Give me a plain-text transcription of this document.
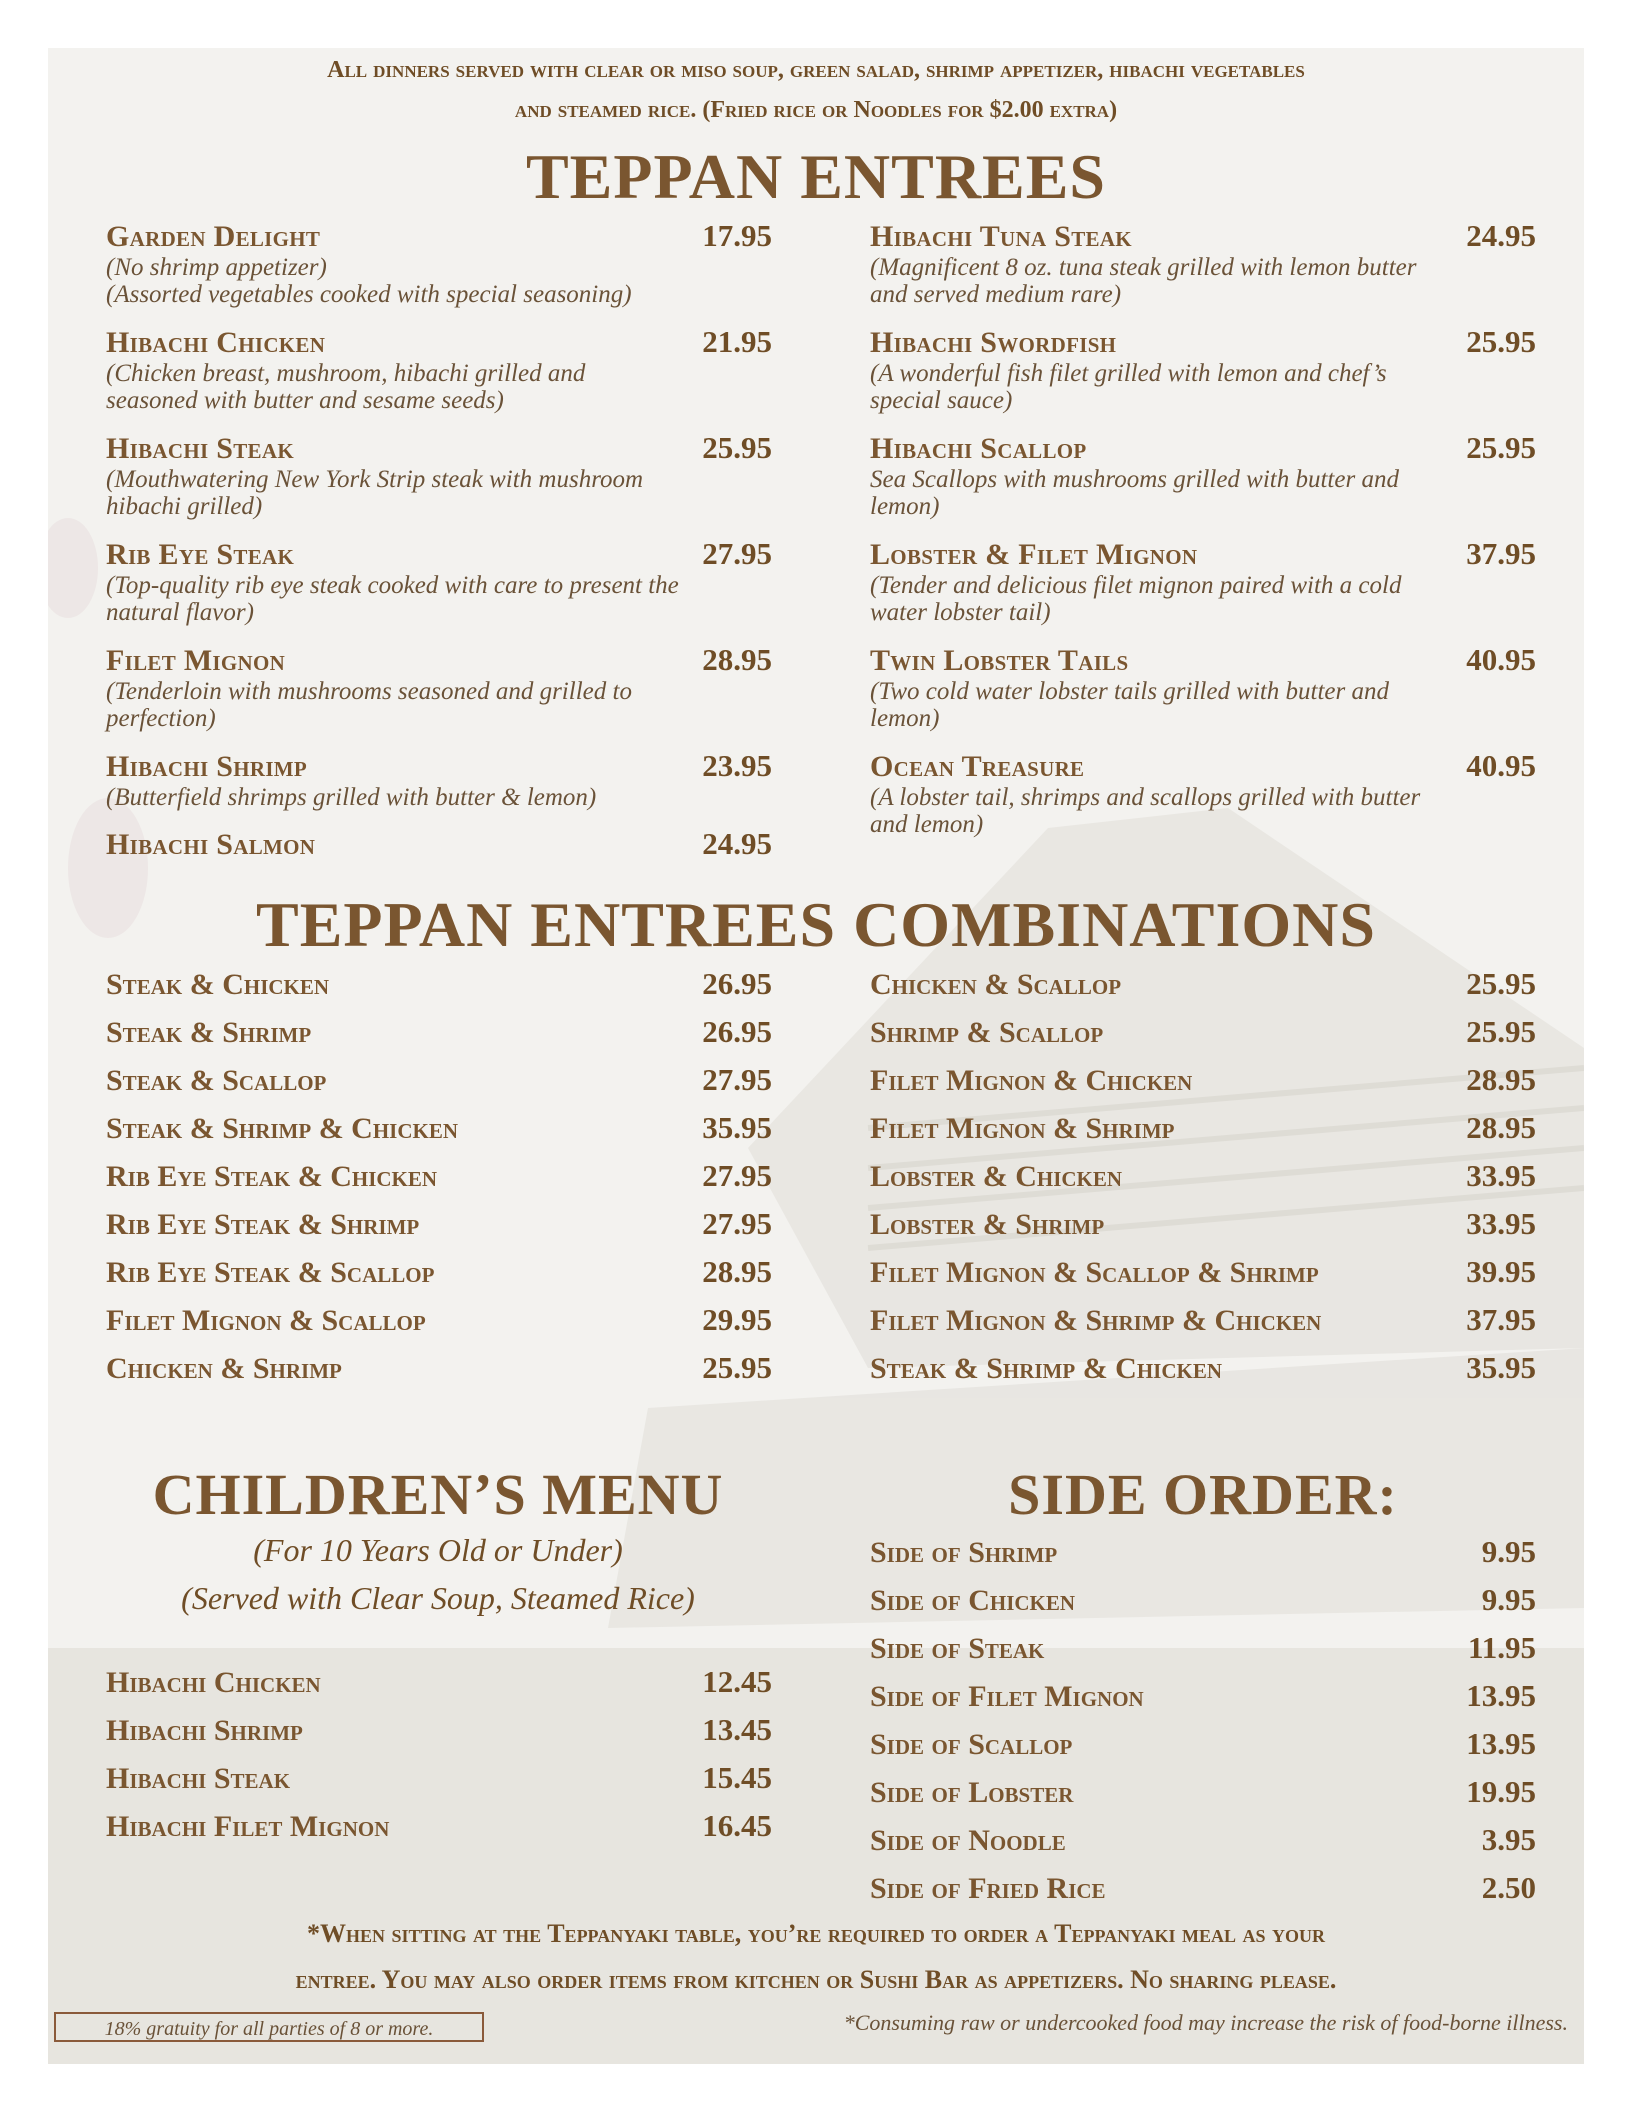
All dinners served with clear or miso soup, green salad, shrimp appetizer, hibachi vegetables
and steamed rice. (Fried rice or Noodles for $2.00 extra)
TEPPAN ENTREES
Garden Delight	17.95
(No shrimp appetizer)
(Assorted vegetables cooked with special seasoning)
Hibachi Chicken	21.95
(Chicken breast, mushroom, hibachi grilled and
seasoned with butter and sesame seeds)
Hibachi Steak	25.95
(Mouthwatering New York Strip steak with mushroom
hibachi grilled)
Rib Eye Steak	27.95
(Top-quality rib eye steak cooked with care to present the
natural flavor)
Filet Mignon	28.95
(Tenderloin with mushrooms seasoned and grilled to
perfection)
Hibachi Shrimp	23.95
(Butterfield shrimps grilled with butter & lemon)
Hibachi Salmon	24.95
Hibachi Tuna Steak	24.95
(Magnificent 8 oz. tuna steak grilled with lemon butter
and served medium rare)
Hibachi Swordfish	25.95
(A wonderful fish filet grilled with lemon and chef’s
special sauce)
Hibachi Scallop	25.95
Sea Scallops with mushrooms grilled with butter and
lemon)
Lobster & Filet Mignon	37.95
(Tender and delicious filet mignon paired with a cold
water lobster tail)
Twin Lobster Tails	40.95
(Two cold water lobster tails grilled with butter and
lemon)
Ocean Treasure	40.95
(A lobster tail, shrimps and scallops grilled with butter
and lemon)
TEPPAN ENTREES COMBINATIONS
Steak & Chicken	26.95
Steak & Shrimp	26.95
Steak & Scallop	27.95
Steak & Shrimp & Chicken	35.95
Rib Eye Steak & Chicken	27.95
Rib Eye Steak & Shrimp	27.95
Rib Eye Steak & Scallop	28.95
Filet Mignon & Scallop	29.95
Chicken & Shrimp	25.95
Chicken & Scallop	25.95
Shrimp & Scallop	25.95
Filet Mignon & Chicken	28.95
Filet Mignon & Shrimp	28.95
Lobster & Chicken	33.95
Lobster & Shrimp	33.95
Filet Mignon & Scallop & Shrimp	39.95
Filet Mignon & Shrimp & Chicken	37.95
Steak & Shrimp & Chicken	35.95
CHILDREN’S MENU
(For 10 Years Old or Under)
(Served with Clear Soup, Steamed Rice)
Hibachi Chicken	12.45
Hibachi Shrimp	13.45
Hibachi Steak	15.45
Hibachi Filet Mignon	16.45
SIDE ORDER:
Side of Shrimp	9.95
Side of Chicken	9.95
Side of Steak	11.95
Side of Filet Mignon	13.95
Side of Scallop	13.95
Side of Lobster	19.95
Side of Noodle	3.95
Side of Fried Rice	2.50
*When sitting at the Teppanyaki table, you’re required to order a Teppanyaki meal as your
entree. You may also order items from kitchen or Sushi Bar as appetizers. No sharing please.
18% gratuity for all parties of 8 or more.	*Consuming raw or undercooked food may increase the risk of food-borne illness.
